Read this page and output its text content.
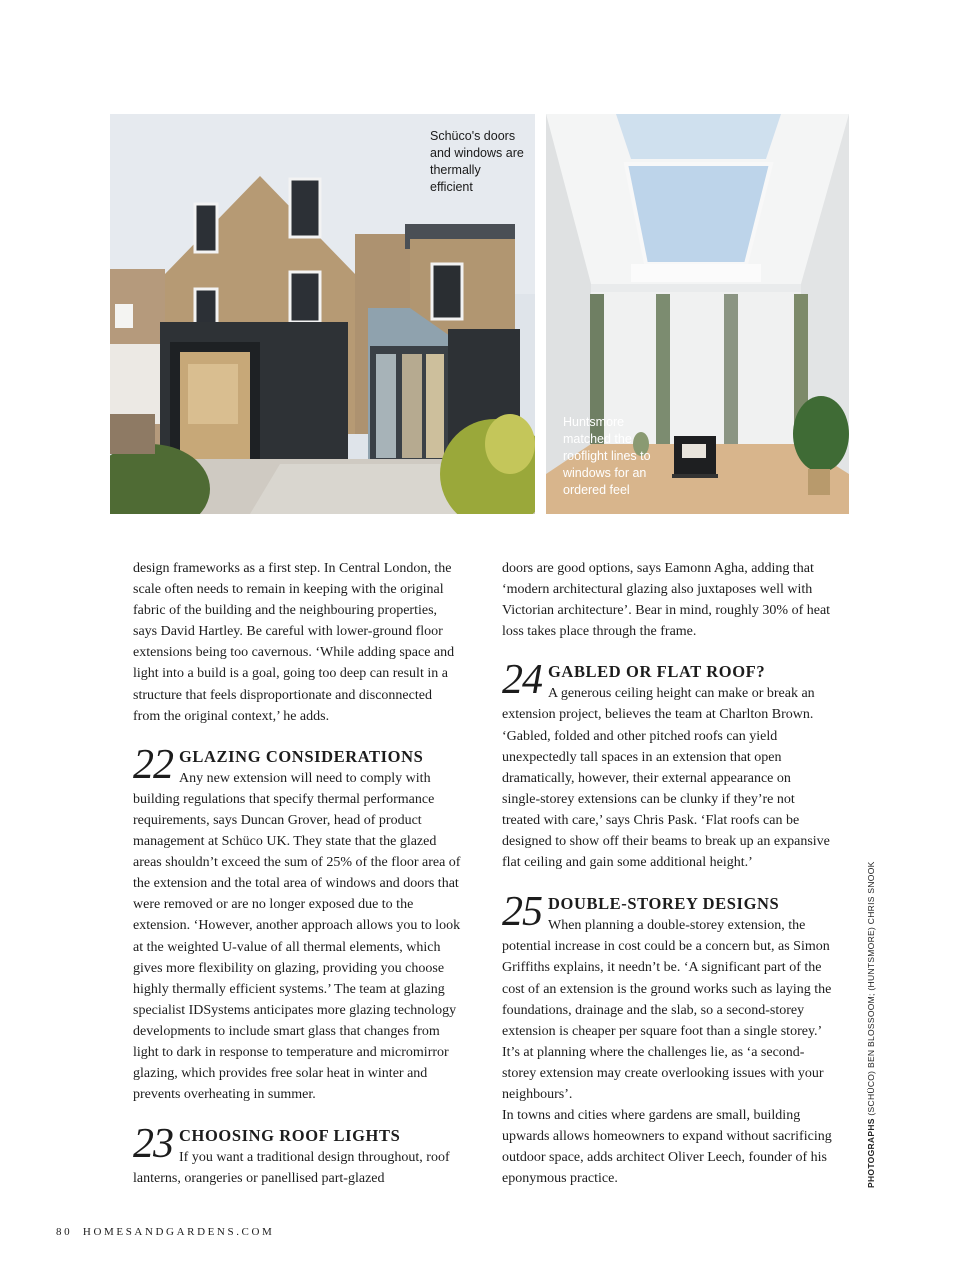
Schüco's doors and windows are thermally efficient
Huntsmore matched the rooflight lines to windows for an ordered feel

design frameworks as a first step. In Central London, the scale often needs to remain in keeping with the original fabric of the building and the neighbouring properties, says David Hartley. Be careful with lower-ground floor extensions being too cavernous. ‘While adding space and light into a build is a goal, going too deep can result in a structure that feels disproportionate and disconnected from the original context,’ he adds.

22 GLAZING CONSIDERATIONS

Any new extension will need to comply with building regulations that specify thermal performance requirements, says Duncan Grover, head of product management at Schüco UK. They state that the glazed areas shouldn’t exceed the sum of 25% of the floor area of the extension and the total area of windows and doors that were removed or are no longer exposed due to the extension. ‘However, another approach allows you to look at the weighted U-value of all thermal elements, which gives more flexibility on glazing, providing you choose highly thermally efficient systems.’ The team at glazing specialist IDSystems anticipates more glazing technology developments to include smart glass that changes from light to dark in response to temperature and micromirror glazing, which provides free solar heat in winter and prevents overheating in summer.

23 CHOOSING ROOF LIGHTS

If you want a traditional design throughout, roof lanterns, orangeries or panellised part-glazed

doors are good options, says Eamonn Agha, adding that ‘modern architectural glazing also juxtaposes well with Victorian architecture’. Bear in mind, roughly 30% of heat loss takes place through the frame.

24 GABLED OR FLAT ROOF?

A generous ceiling height can make or break an extension project, believes the team at Charlton Brown. ‘Gabled, folded and other pitched roofs can yield unexpectedly tall spaces in an extension that open dramatically, however, their external appearance on single-storey extensions can be clunky if they’re not treated with care,’ says Chris Pask. ‘Flat roofs can be designed to show off their beams to break up an expansive flat ceiling and gain some additional height.’

25 DOUBLE-STOREY DESIGNS

When planning a double-storey extension, the potential increase in cost could be a concern but, as Simon Griffiths explains, it needn’t be. ‘A significant part of the cost of an extension is the ground works such as laying the foundations, drainage and the slab, so a second-storey extension is cheaper per square foot than a single storey.’ It’s at planning where the challenges lie, as ‘a second-storey extension may create overlooking issues with your neighbours’.

In towns and cities where gardens are small, building upwards allows homeowners to expand without sacrificing outdoor space, adds architect Oliver Leech, founder of his eponymous practice.	PHOTOGRAPHS (SCHÜCO) BEN BLOSSOOM; (HUNTSMORE) CHRIS SNOOK
80 HOMESANDGARDENS.COM
